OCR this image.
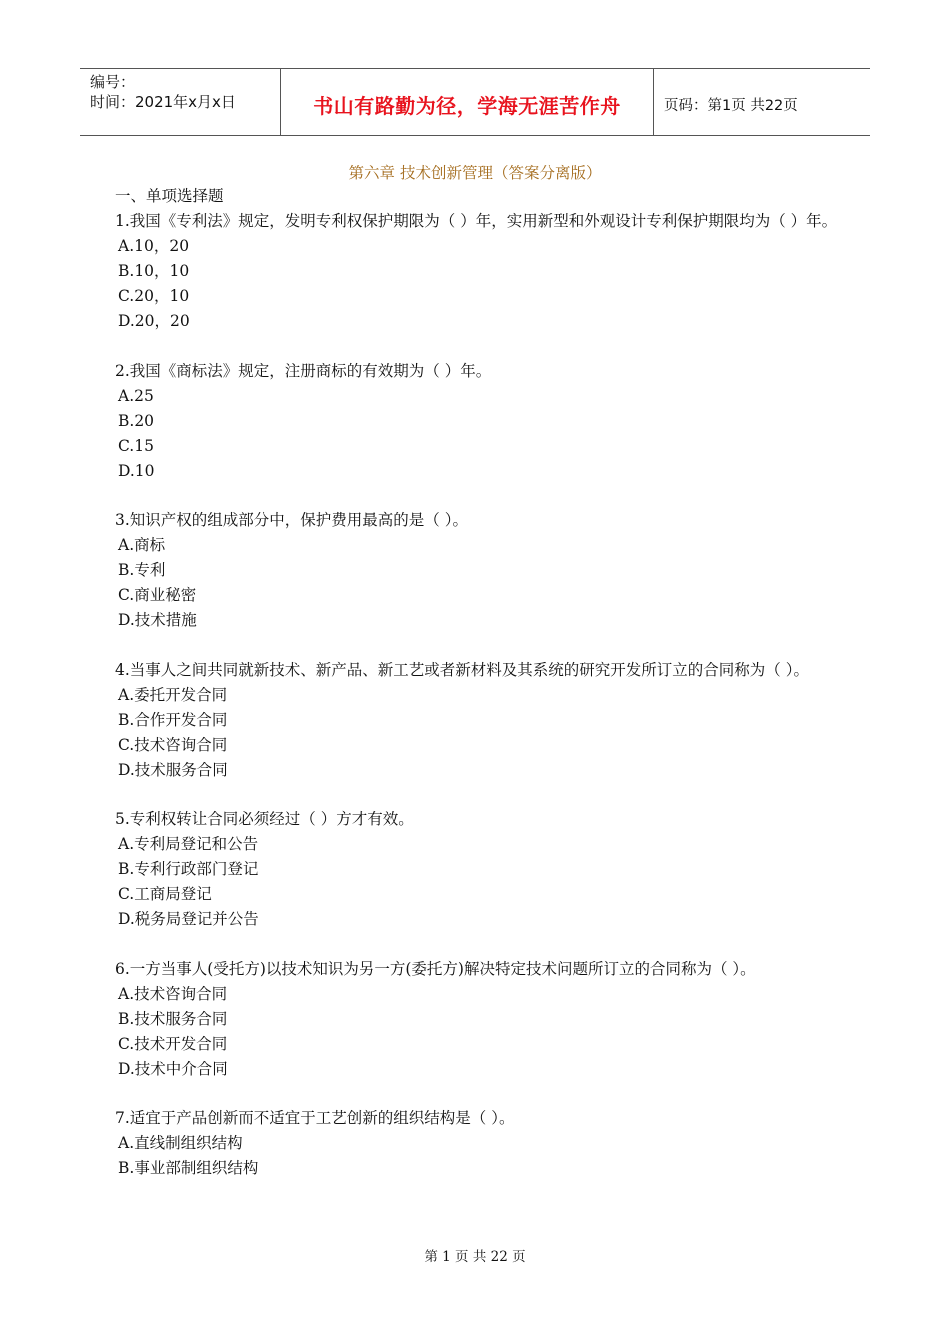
编号：
时间：2021年x月x日	书山有路勤为径，学海无涯苦作舟	页码：第1页 共22页
第六章 技术创新管理（答案分离版）
一、单项选择题
1.我国《专利法》规定，发明专利权保护期限为（ ）年，实用新型和外观设计专利保护期限均为（ ）年。
A.10，20
B.10，10
C.20，10
D.20，20
2.我国《商标法》规定，注册商标的有效期为（ ）年。
A.25
B.20
C.15
D.10
3.知识产权的组成部分中，保护费用最高的是（ ）。
A.商标
B.专利
C.商业秘密
D.技术措施
4.当事人之间共同就新技术、新产品、新工艺或者新材料及其系统的研究开发所订立的合同称为（ ）。
A.委托开发合同
B.合作开发合同
C.技术咨询合同
D.技术服务合同
5.专利权转让合同必须经过（ ）方才有效。
A.专利局登记和公告
B.专利行政部门登记
C.工商局登记
D.税务局登记并公告
6.一方当事人(受托方)以技术知识为另一方(委托方)解决特定技术问题所订立的合同称为（ ）。
A.技术咨询合同
B.技术服务合同
C.技术开发合同
D.技术中介合同
7.适宜于产品创新而不适宜于工艺创新的组织结构是（ ）。
A.直线制组织结构
B.事业部制组织结构
第 1 页 共 22 页
